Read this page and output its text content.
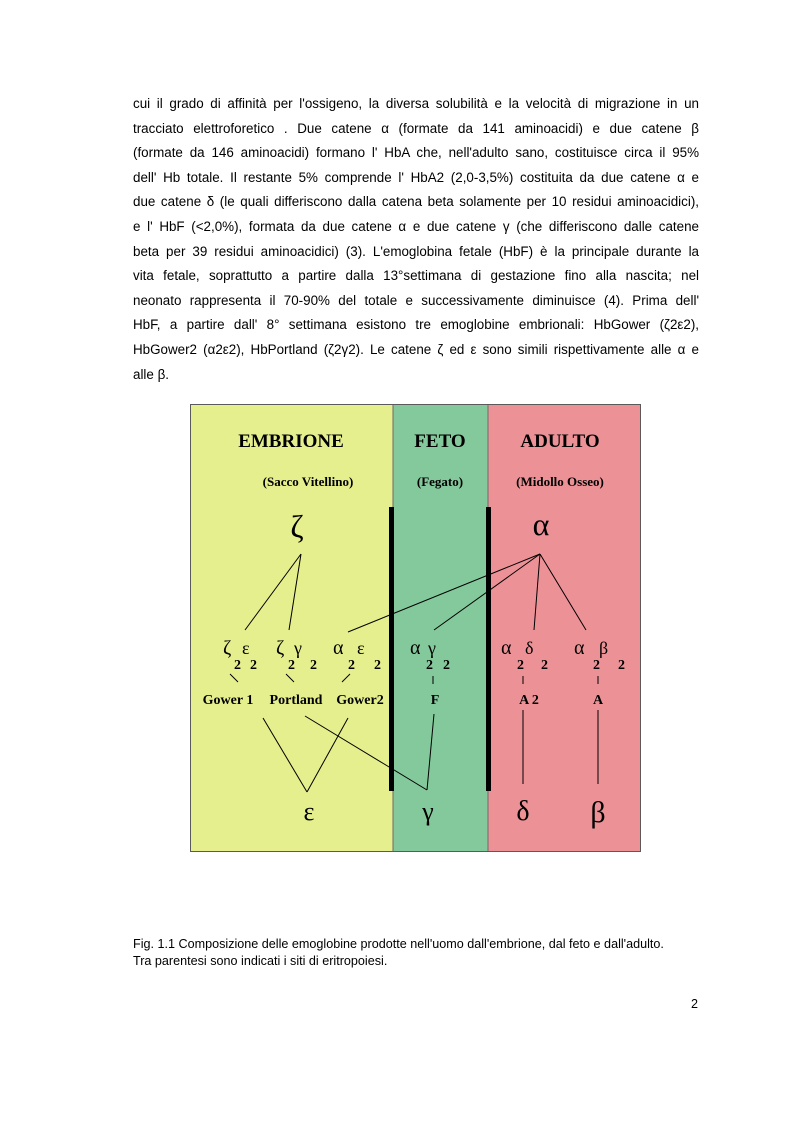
cui il grado di affinità per l'ossigeno, la diversa solubilità e la velocità di migrazione in un
tracciato elettroforetico . Due catene α (formate da 141 aminoacidi) e due catene β
(formate da 146 aminoacidi) formano l' HbA che, nell'adulto sano, costituisce circa il 95%
dell' Hb totale. Il restante 5% comprende l' HbA2 (2,0-3,5%) costituita da due catene α e
due catene δ (le quali differiscono dalla catena beta solamente per 10 residui aminoacidici),
e l' HbF (<2,0%), formata da due catene α e due catene γ (che differiscono dalle catene
beta per 39 residui aminoacidici) (3). L'emoglobina fetale (HbF) è la principale durante la
vita fetale, soprattutto a partire dalla 13°settimana di gestazione fino alla nascita; nel
neonato rappresenta il 70-90% del totale e successivamente diminuisce (4). Prima dell'
HbF, a partire dall' 8° settimana esistono tre emoglobine embrionali: HbGower (ζ2ε2),
HbGower2 (α2ε2), HbPortland (ζ2γ2). Le catene ζ ed ε sono simili rispettivamente alle α e
alle β.
EMBRIONE
(Sacco Vitellino)
FETO
(Fegato)
ADULTO
(Midollo Osseo)
ζ	α
ζ ε
2 2
Gower 1
ζ γ
2 2
Portland
α ε
2 2
Gower2
α γ
2 2
F
α δ
2 2
A 2
α β
2 2
A
ε	γ	δ β
Fig. 1.1 Composizione delle emoglobine prodotte nell'uomo dall'embrione, dal feto e dall'adulto.
Tra parentesi sono indicati i siti di eritropoiesi.
2
